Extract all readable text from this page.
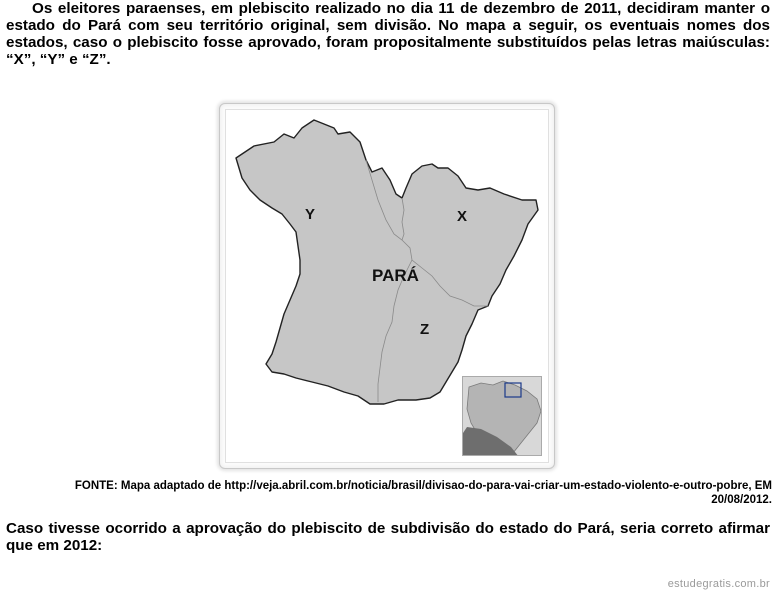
Os eleitores paraenses, em plebiscito realizado no dia 11 de dezembro de 2011, decidiram manter o estado do Pará com seu território original, sem divisão. No mapa a seguir, os eventuais nomes dos estados, caso o plebiscito fosse aprovado, foram propositalmente substituídos pelas letras maiúsculas: “X”, “Y” e “Z”.

Y	X
PARÁ
Z
FONTE: Mapa adaptado de http://veja.abril.com.br/noticia/brasil/divisao-do-para-vai-criar-um-estado-violento-e-outro-pobre, EM 20/08/2012.

Caso tivesse ocorrido a aprovação do plebiscito de subdivisão do estado do Pará, seria correto afirmar que em 2012:

estudegratis.com.br
